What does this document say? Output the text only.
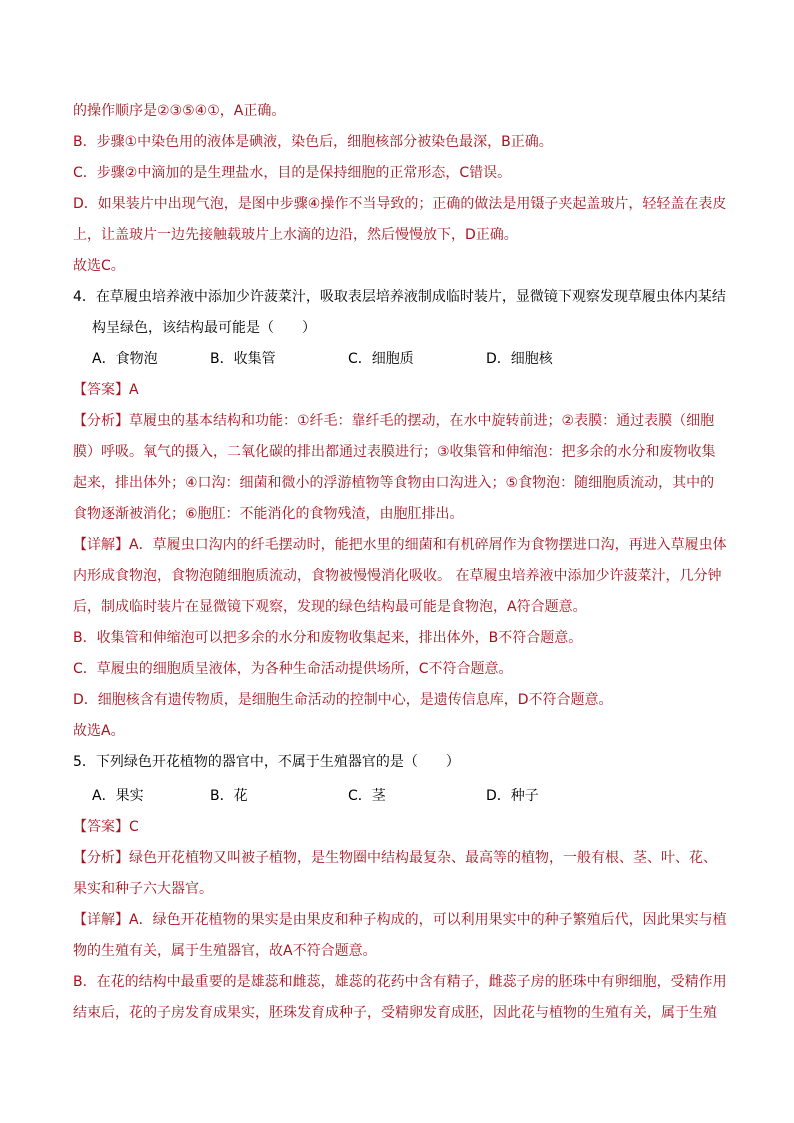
的操作顺序是②③⑤④①，A正确。
B．步骤①中染色用的液体是碘液，染色后，细胞核部分被染色最深，B正确。
C．步骤②中滴加的是生理盐水，目的是保持细胞的正常形态，C错误。
D．如果装片中出现气泡，是图中步骤④操作不当导致的；正确的做法是用镊子夹起盖玻片，轻轻盖在表皮
上，让盖玻片一边先接触载玻片上水滴的边沿，然后慢慢放下，D正确。
故选C。
4．在草履虫培养液中添加少许菠菜汁，吸取表层培养液制成临时装片，显微镜下观察发现草履虫体内某结
构呈绿色，该结构最可能是（　　）
A．食物泡	B．收集管	C．细胞质	D．细胞核
【答案】A
【分析】草履虫的基本结构和功能：①纤毛：靠纤毛的摆动，在水中旋转前进；②表膜：通过表膜（细胞
膜）呼吸。氧气的摄入，二氧化碳的排出都通过表膜进行；③收集管和伸缩泡：把多余的水分和废物收集
起来，排出体外；④口沟：细菌和微小的浮游植物等食物由口沟进入；⑤食物泡：随细胞质流动，其中的
食物逐渐被消化；⑥胞肛：不能消化的食物残渣，由胞肛排出。
【详解】A．草履虫口沟内的纤毛摆动时，能把水里的细菌和有机碎屑作为食物摆进口沟，再进入草履虫体
内形成食物泡，食物泡随细胞质流动，食物被慢慢消化吸收。 在草履虫培养液中添加少许菠菜汁，几分钟
后，制成临时装片在显微镜下观察，发现的绿色结构最可能是食物泡，A符合题意。
B．收集管和伸缩泡可以把多余的水分和废物收集起来，排出体外，B不符合题意。
C．草履虫的细胞质呈液体，为各种生命活动提供场所，C不符合题意。
D．细胞核含有遗传物质，是细胞生命活动的控制中心，是遗传信息库，D不符合题意。
故选A。
5．下列绿色开花植物的器官中，不属于生殖器官的是（　　）
A．果实	B．花	C．茎	D．种子
【答案】C
【分析】绿色开花植物又叫被子植物，是生物圈中结构最复杂、最高等的植物，一般有根、茎、叶、花、
果实和种子六大器官。
【详解】A．绿色开花植物的果实是由果皮和种子构成的，可以利用果实中的种子繁殖后代，因此果实与植
物的生殖有关，属于生殖器官，故A不符合题意。
B．在花的结构中最重要的是雄蕊和雌蕊，雄蕊的花药中含有精子，雌蕊子房的胚珠中有卵细胞，受精作用
结束后，花的子房发育成果实，胚珠发育成种子，受精卵发育成胚，因此花与植物的生殖有关，属于生殖
